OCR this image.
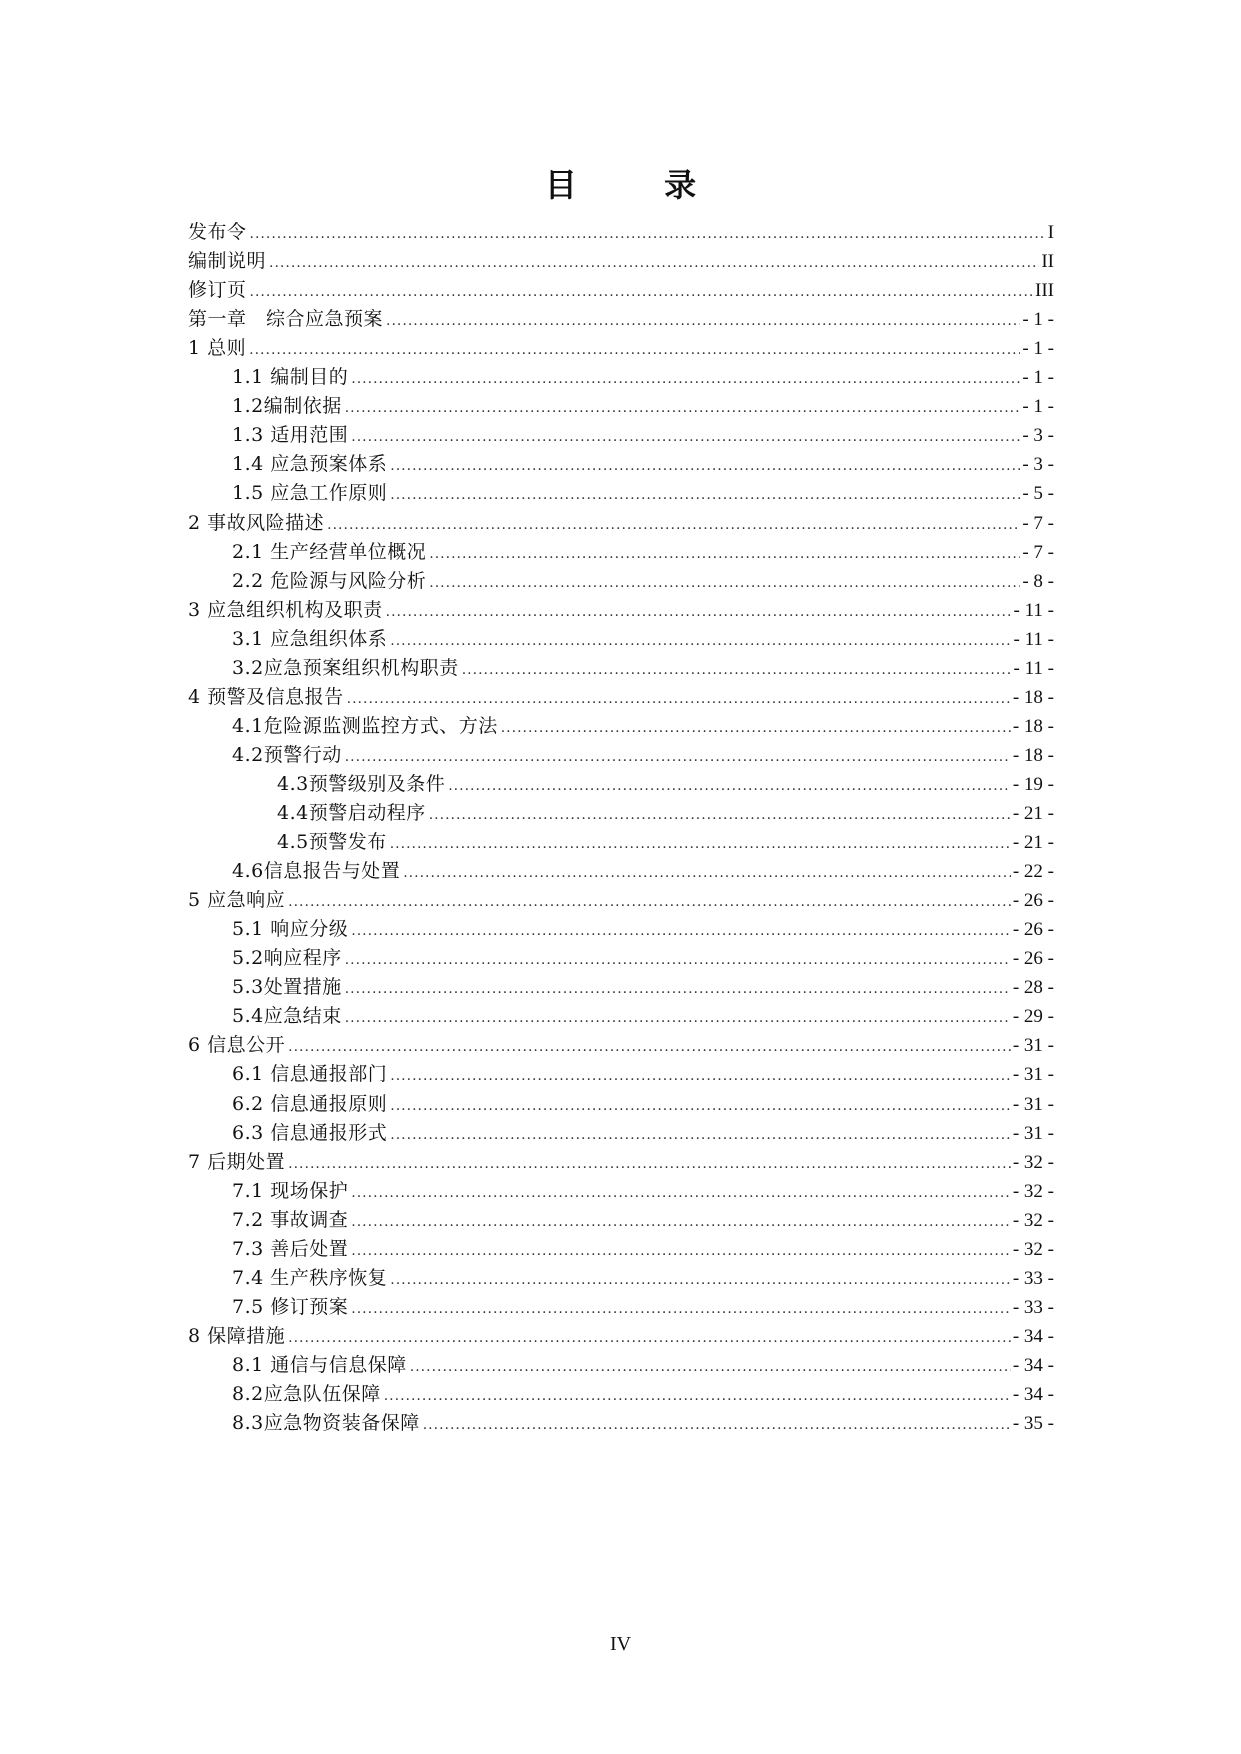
目 录
发布令 .....	I
编制说明 .....	II
修订页 .....	III
第一章　综合应急预案 .....	- 1 -
1 总则 .....	- 1 -
1.1 编制目的 .....	- 1 -
1.2编制依据 .....	- 1 -
1.3 适用范围 .....	- 3 -
1.4 应急预案体系 .....	- 3 -
1.5 应急工作原则 .....	- 5 -
2 事故风险描述 .....	- 7 -
2.1 生产经营单位概况 .....	- 7 -
2.2 危险源与风险分析 .....	- 8 -
3 应急组织机构及职责 .....	- 11 -
3.1 应急组织体系 .....	- 11 -
3.2应急预案组织机构职责 .....	- 11 -
4 预警及信息报告 .....	- 18 -
4.1危险源监测监控方式、方法 .....	- 18 -
4.2预警行动 .....	- 18 -
4.3预警级别及条件 .....	- 19 -
4.4预警启动程序 .....	- 21 -
4.5预警发布 .....	- 21 -
4.6信息报告与处置 .....	- 22 -
5 应急响应 .....	- 26 -
5.1 响应分级 .....	- 26 -
5.2响应程序 .....	- 26 -
5.3处置措施 .....	- 28 -
5.4应急结束 .....	- 29 -
6 信息公开 .....	- 31 -
6.1 信息通报部门 .....	- 31 -
6.2 信息通报原则 .....	- 31 -
6.3 信息通报形式 .....	- 31 -
7 后期处置 .....	- 32 -
7.1 现场保护 .....	- 32 -
7.2 事故调查 .....	- 32 -
7.3 善后处置 .....	- 32 -
7.4 生产秩序恢复 .....	- 33 -
7.5 修订预案 .....	- 33 -
8 保障措施 .....	- 34 -
8.1 通信与信息保障 .....	- 34 -
8.2应急队伍保障 .....	- 34 -
8.3应急物资装备保障 .....	- 35 -
IV
